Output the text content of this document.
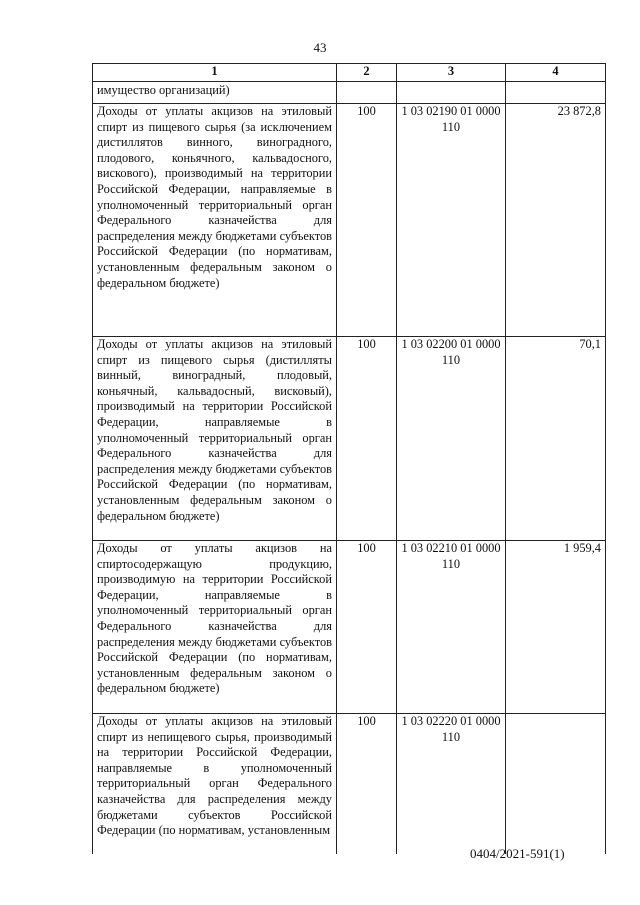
43
1	2	3	4
имущество организаций)			
Доходы от уплаты акцизов на этиловый спирт из пищевого сырья (за исключением дистиллятов винного, виноградного, плодового, коньячного, кальвадосного, вискового), производимый на территории Российской Федерации, направляемые в уполномоченный территориальный орган Федерального казначейства для распределения между бюджетами субъектов Российской Федерации (по нормативам, установленным федеральным законом о федеральном бюджете)	100	1 03 02190 01 0000 110	23 872,8
Доходы от уплаты акцизов на этиловый спирт из пищевого сырья (дистилляты винный, виноградный, плодовый, коньячный, кальвадосный, висковый), производимый на территории Российской Федерации, направляемые в уполномоченный территориальный орган Федерального казначейства для распределения между бюджетами субъектов Российской Федерации (по нормативам, установленным федеральным законом о федеральном бюджете)	100	1 03 02200 01 0000 110	70,1
Доходы от уплаты акцизов на спиртосодержащую продукцию, производимую на территории Российской Федерации, направляемые в уполномоченный территориальный орган Федерального казначейства для распределения между бюджетами субъектов Российской Федерации (по нормативам, установленным федеральным законом о федеральном бюджете)	100	1 03 02210 01 0000 110	1 959,4
Доходы от уплаты акцизов на этиловый спирт из непищевого сырья, производимый на территории Российской Федерации, направляемые в уполномоченный территориальный орган Федерального казначейства для распределения между бюджетами субъектов Российской Федерации (по нормативам, установленным	100	1 03 02220 01 0000 110	
0404/2021-591(1)
